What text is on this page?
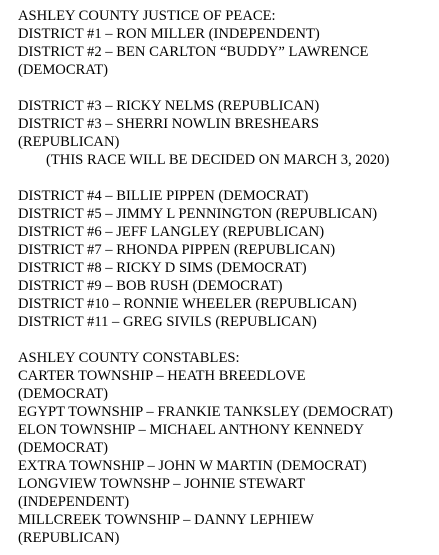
ASHLEY COUNTY JUSTICE OF PEACE:
DISTRICT #1 – RON MILLER (INDEPENDENT)
DISTRICT #2 – BEN CARLTON “BUDDY” LAWRENCE
(DEMOCRAT)
DISTRICT #3 – RICKY NELMS (REPUBLICAN)
DISTRICT #3 – SHERRI NOWLIN BRESHEARS
(REPUBLICAN)
(THIS RACE WILL BE DECIDED ON MARCH 3, 2020)
DISTRICT #4 – BILLIE PIPPEN (DEMOCRAT)
DISTRICT #5 – JIMMY L PENNINGTON (REPUBLICAN)
DISTRICT #6 – JEFF LANGLEY (REPUBLICAN)
DISTRICT #7 – RHONDA PIPPEN (REPUBLICAN)
DISTRICT #8 – RICKY D SIMS (DEMOCRAT)
DISTRICT #9 – BOB RUSH (DEMOCRAT)
DISTRICT #10 – RONNIE WHEELER (REPUBLICAN)
DISTRICT #11 – GREG SIVILS (REPUBLICAN)
ASHLEY COUNTY CONSTABLES:
CARTER TOWNSHIP – HEATH BREEDLOVE
(DEMOCRAT)
EGYPT TOWNSHIP – FRANKIE TANKSLEY (DEMOCRAT)
ELON TOWNSHIP – MICHAEL ANTHONY KENNEDY
(DEMOCRAT)
EXTRA TOWNSHIP – JOHN W MARTIN (DEMOCRAT)
LONGVIEW TOWNSHP – JOHNIE STEWART
(INDEPENDENT)
MILLCREEK TOWNSHIP – DANNY LEPHIEW
(REPUBLICAN)
